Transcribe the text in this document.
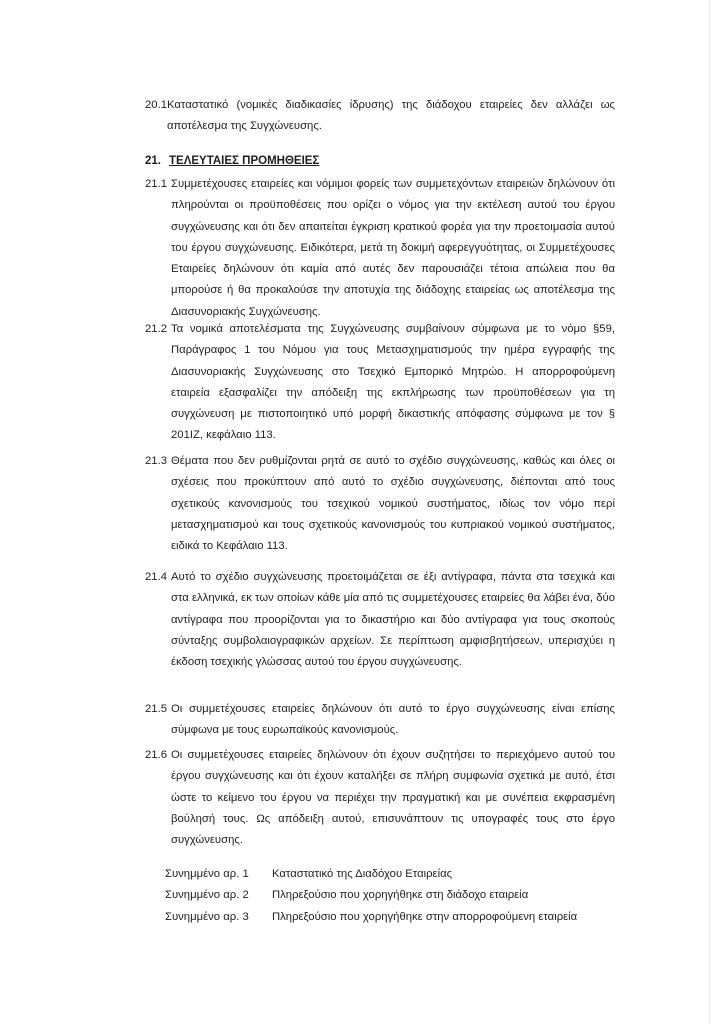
20.1 Καταστατικό (νομικές διαδικασίες ίδρυσης) της διάδοχου εταιρείες δεν αλλάζει ως αποτέλεσμα της Συγχώνευσης.
21. ΤΕΛΕΥΤΑΙΕΣ ΠΡΟΜΗΘΕΙΕΣ
21.1 Συμμετέχουσες εταιρείες και νόμιμοι φορείς των συμμετεχόντων εταιρειών δηλώνουν ότι πληρούνται οι προϋποθέσεις που ορίζει ο νόμος για την εκτέλεση αυτού του έργου συγχώνευσης και ότι δεν απαιτείται έγκριση κρατικού φορέα για την προετοιμασία αυτού του έργου συγχώνευσης. Ειδικότερα, μετά τη δοκιμή αφερεγγυότητας, οι Συμμετέχουσες Εταιρείες δηλώνουν ότι καμία από αυτές δεν παρουσιάζει τέτοια απώλεια που θα μπορούσε ή θα προκαλούσε την αποτυχία της διάδοχης εταιρείας ως αποτέλεσμα της Διασυνοριακής Συγχώνευσης.
21.2 Τα νομικά αποτελέσματα της Συγχώνευσης συμβαίνουν σύμφωνα με το νόμο §59, Παράγραφος 1 του Νόμου για τους Μετασχηματισμούς την ημέρα εγγραφής της Διασυνοριακής Συγχώνευσης στο Τσεχικό Εμπορικό Μητρώο. Η απορροφούμενη εταιρεία εξασφαλίζει την απόδειξη της εκπλήρωσης των προϋποθέσεων για τη συγχώνευση με πιστοποιητικό υπό μορφή δικαστικής απόφασης σύμφωνα με τον § 201IZ, κεφάλαιο 113.
21.3 Θέματα που δεν ρυθμίζονται ρητά σε αυτό το σχέδιο συγχώνευσης, καθώς και όλες οι σχέσεις που προκύπτουν από αυτό το σχέδιο συγχώνευσης, διέπονται από τους σχετικούς κανονισμούς του τσεχικού νομικού συστήματος, ιδίως τον νόμο περί μετασχηματισμού και τους σχετικούς κανονισμούς του κυπριακού νομικού συστήματος, ειδικά το Κεφάλαιο 113.
21.4 Αυτό το σχέδιο συγχώνευσης προετοιμάζεται σε έξι αντίγραφα, πάντα στα τσεχικά και στα ελληνικά, εκ των οποίων κάθε μία από τις συμμετέχουσες εταιρείες θα λάβει ένα, δύο αντίγραφα που προορίζονται για το δικαστήριο και δύο αντίγραφα για τους σκοπούς σύνταξης συμβολαιογραφικών αρχείων. Σε περίπτωση αμφισβητήσεων, υπερισχύει η έκδοση τσεχικής γλώσσας αυτού του έργου συγχώνευσης.
21.5 Οι συμμετέχουσες εταιρείες δηλώνουν ότι αυτό το έργο συγχώνευσης είναι επίσης σύμφωνα με τους ευρωπαϊκούς κανονισμούς.
21.6 Οι συμμετέχουσες εταιρείες δηλώνουν ότι έχουν συζητήσει το περιεχόμενο αυτού του έργου συγχώνευσης και ότι έχουν καταλήξει σε πλήρη συμφωνία σχετικά με αυτό, έτσι ώστε το κείμενο του έργου να περιέχει την πραγματική και με συνέπεια εκφρασμένη βούλησή τους. Ως απόδειξη αυτού, επισυνάπτουν τις υπογραφές τους στο έργο συγχώνευσης.
Συνημμένο αρ. 1	Καταστατικό της Διαδόχου Εταιρείας
Συνημμένο αρ. 2	Πληρεξούσιο που χορηγήθηκε στη διάδοχο εταιρεία
Συνημμένο αρ. 3	Πληρεξούσιο που χορηγήθηκε στην απορροφούμενη εταιρεία
